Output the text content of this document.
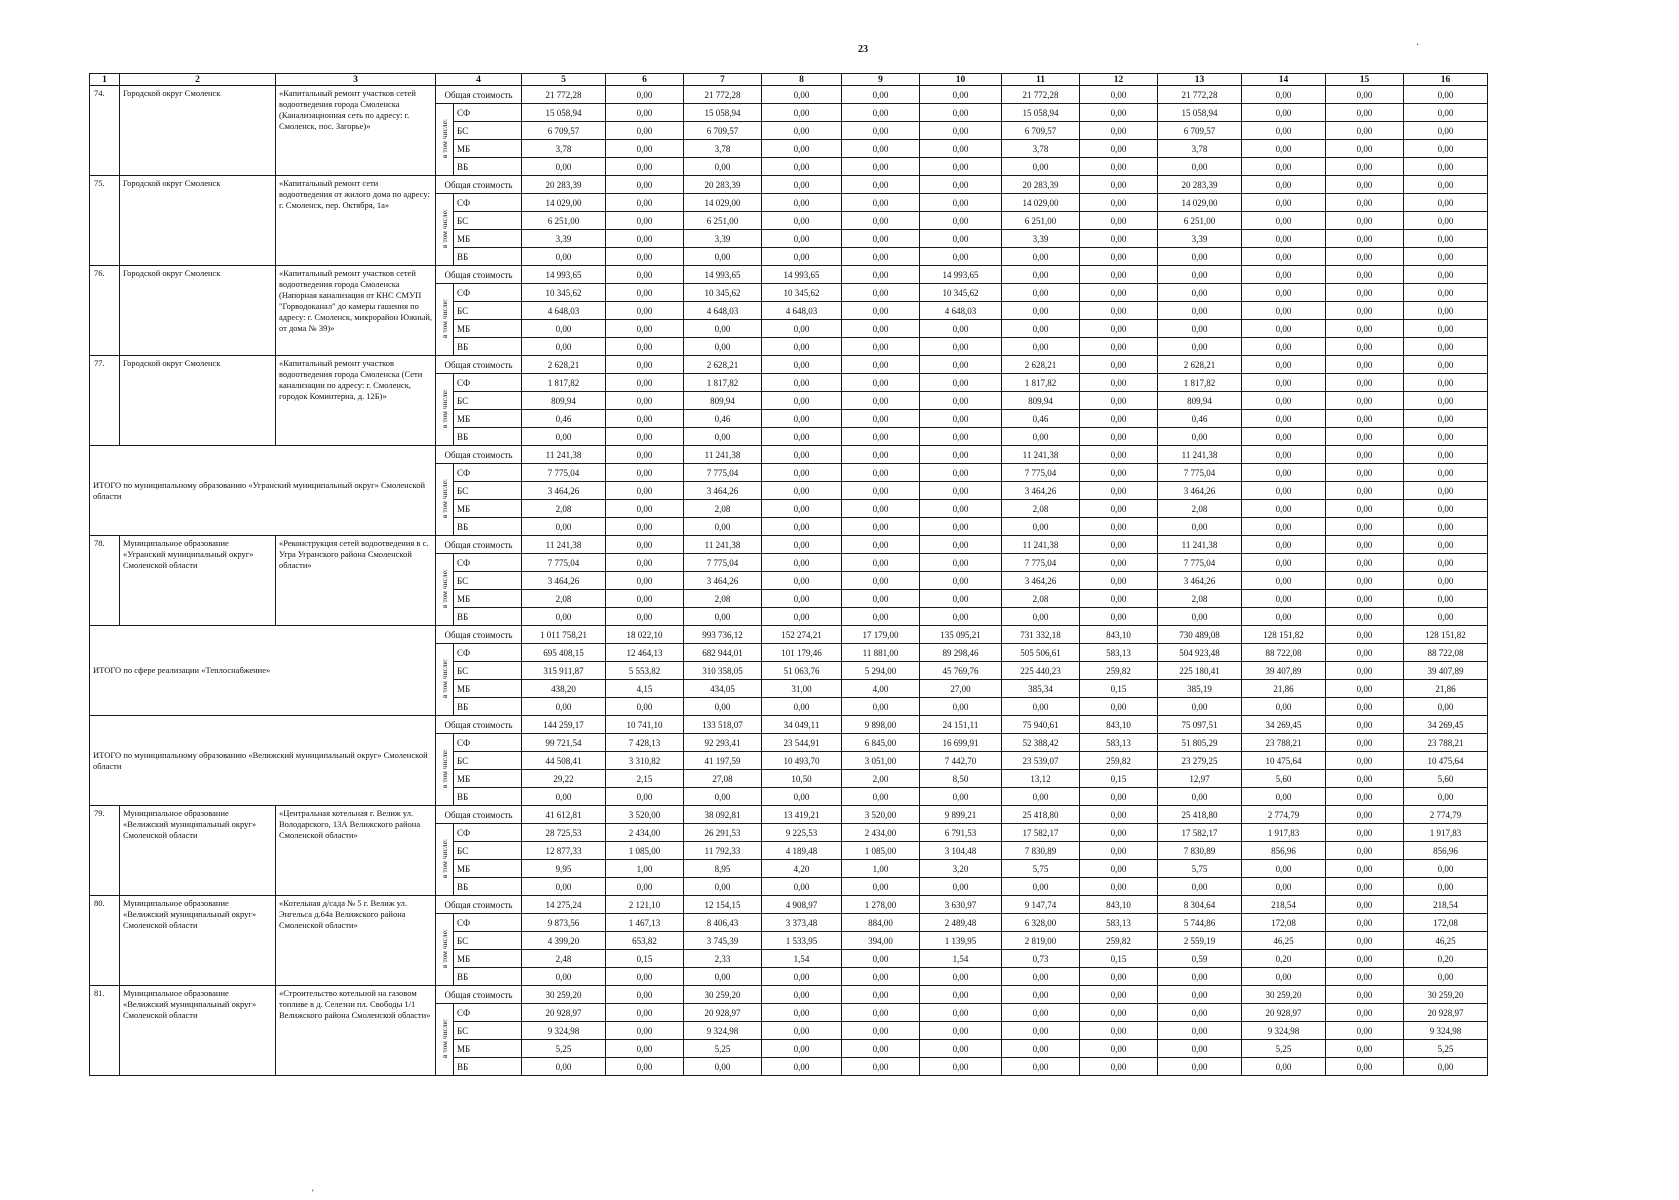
23	·
'
1	2	3	4		5	6	7	8	9	10	11	12	13	14	15	16
74.	Городской округ Смоленск	«Капитальный ремонт участков сетей водоотведения города Смоленска (Канализационная сеть по адресу: г. Смоленск, пос. Загорье)»	Общая стоимость		21 772,28	0,00	21 772,28	0,00	0,00	0,00	21 772,28	0,00	21 772,28	0,00	0,00	0,00
			в том числе:	СФ	15 058,94	0,00	15 058,94	0,00	0,00	0,00	15 058,94	0,00	15 058,94	0,00	0,00	0,00
				БС	6 709,57	0,00	6 709,57	0,00	0,00	0,00	6 709,57	0,00	6 709,57	0,00	0,00	0,00
				МБ	3,78	0,00	3,78	0,00	0,00	0,00	3,78	0,00	3,78	0,00	0,00	0,00
				ВБ	0,00	0,00	0,00	0,00	0,00	0,00	0,00	0,00	0,00	0,00	0,00	0,00
75.	Городской округ Смоленск	«Капитальный ремонт сети водоотведения от жилого дома по адресу: г. Смоленск, пер. Октября, 1а»	Общая стоимость		20 283,39	0,00	20 283,39	0,00	0,00	0,00	20 283,39	0,00	20 283,39	0,00	0,00	0,00
			в том числе:	СФ	14 029,00	0,00	14 029,00	0,00	0,00	0,00	14 029,00	0,00	14 029,00	0,00	0,00	0,00
				БС	6 251,00	0,00	6 251,00	0,00	0,00	0,00	6 251,00	0,00	6 251,00	0,00	0,00	0,00
				МБ	3,39	0,00	3,39	0,00	0,00	0,00	3,39	0,00	3,39	0,00	0,00	0,00
				ВБ	0,00	0,00	0,00	0,00	0,00	0,00	0,00	0,00	0,00	0,00	0,00	0,00
76.	Городской округ Смоленск	«Капитальный ремонт участков сетей водоотведения города Смоленска (Напорная канализация от КНС СМУП "Горводоканал" до камеры гашения по адресу: г. Смоленск, микрорайон Южный, от дома № 39)»	Общая стоимость		14 993,65	0,00	14 993,65	14 993,65	0,00	14 993,65	0,00	0,00	0,00	0,00	0,00	0,00
			в том числе:	СФ	10 345,62	0,00	10 345,62	10 345,62	0,00	10 345,62	0,00	0,00	0,00	0,00	0,00	0,00
				БС	4 648,03	0,00	4 648,03	4 648,03	0,00	4 648,03	0,00	0,00	0,00	0,00	0,00	0,00
				МБ	0,00	0,00	0,00	0,00	0,00	0,00	0,00	0,00	0,00	0,00	0,00	0,00
				ВБ	0,00	0,00	0,00	0,00	0,00	0,00	0,00	0,00	0,00	0,00	0,00	0,00
77.	Городской округ Смоленск	«Капитальный ремонт участков водоотведения города Смоленска (Сети канализации по адресу: г. Смоленск, городок Коминтерна, д. 12Б)»	Общая стоимость		2 628,21	0,00	2 628,21	0,00	0,00	0,00	2 628,21	0,00	2 628,21	0,00	0,00	0,00
			в том числе:	СФ	1 817,82	0,00	1 817,82	0,00	0,00	0,00	1 817,82	0,00	1 817,82	0,00	0,00	0,00
				БС	809,94	0,00	809,94	0,00	0,00	0,00	809,94	0,00	809,94	0,00	0,00	0,00
				МБ	0,46	0,00	0,46	0,00	0,00	0,00	0,46	0,00	0,46	0,00	0,00	0,00
				ВБ	0,00	0,00	0,00	0,00	0,00	0,00	0,00	0,00	0,00	0,00	0,00	0,00
ИТОГО по муниципальному образованию «Угранский муниципальный округ» Смоленской области			Общая стоимость		11 241,38	0,00	11 241,38	0,00	0,00	0,00	11 241,38	0,00	11 241,38	0,00	0,00	0,00
			в том числе:	СФ	7 775,04	0,00	7 775,04	0,00	0,00	0,00	7 775,04	0,00	7 775,04	0,00	0,00	0,00
				БС	3 464,26	0,00	3 464,26	0,00	0,00	0,00	3 464,26	0,00	3 464,26	0,00	0,00	0,00
				МБ	2,08	0,00	2,08	0,00	0,00	0,00	2,08	0,00	2,08	0,00	0,00	0,00
				ВБ	0,00	0,00	0,00	0,00	0,00	0,00	0,00	0,00	0,00	0,00	0,00	0,00
78.	Муниципальное образование «Угранский муниципальный округ» Смоленской области	«Реконструкция сетей водоотведения в с. Угра Угранского района Смоленской области»	Общая стоимость		11 241,38	0,00	11 241,38	0,00	0,00	0,00	11 241,38	0,00	11 241,38	0,00	0,00	0,00
			в том числе:	СФ	7 775,04	0,00	7 775,04	0,00	0,00	0,00	7 775,04	0,00	7 775,04	0,00	0,00	0,00
				БС	3 464,26	0,00	3 464,26	0,00	0,00	0,00	3 464,26	0,00	3 464,26	0,00	0,00	0,00
				МБ	2,08	0,00	2,08	0,00	0,00	0,00	2,08	0,00	2,08	0,00	0,00	0,00
				ВБ	0,00	0,00	0,00	0,00	0,00	0,00	0,00	0,00	0,00	0,00	0,00	0,00
ИТОГО по сфере реализации «Теплоснабжение»			Общая стоимость		1 011 758,21	18 022,10	993 736,12	152 274,21	17 179,00	135 095,21	731 332,18	843,10	730 489,08	128 151,82	0,00	128 151,82
			в том числе:	СФ	695 408,15	12 464,13	682 944,01	101 179,46	11 881,00	89 298,46	505 506,61	583,13	504 923,48	88 722,08	0,00	88 722,08
				БС	315 911,87	5 553,82	310 358,05	51 063,76	5 294,00	45 769,76	225 440,23	259,82	225 180,41	39 407,89	0,00	39 407,89
				МБ	438,20	4,15	434,05	31,00	4,00	27,00	385,34	0,15	385,19	21,86	0,00	21,86
				ВБ	0,00	0,00	0,00	0,00	0,00	0,00	0,00	0,00	0,00	0,00	0,00	0,00
ИТОГО по муниципальному образованию «Велижский муниципальный округ» Смоленской области			Общая стоимость		144 259,17	10 741,10	133 518,07	34 049,11	9 898,00	24 151,11	75 940,61	843,10	75 097,51	34 269,45	0,00	34 269,45
			в том числе:	СФ	99 721,54	7 428,13	92 293,41	23 544,91	6 845,00	16 699,91	52 388,42	583,13	51 805,29	23 788,21	0,00	23 788,21
				БС	44 508,41	3 310,82	41 197,59	10 493,70	3 051,00	7 442,70	23 539,07	259,82	23 279,25	10 475,64	0,00	10 475,64
				МБ	29,22	2,15	27,08	10,50	2,00	8,50	13,12	0,15	12,97	5,60	0,00	5,60
				ВБ	0,00	0,00	0,00	0,00	0,00	0,00	0,00	0,00	0,00	0,00	0,00	0,00
79.	Муниципальное образование «Велижский муниципальный округ» Смоленской области	«Центральная котельная г. Велиж ул. Володарского, 13А Велижского района Смоленской области»	Общая стоимость		41 612,81	3 520,00	38 092,81	13 419,21	3 520,00	9 899,21	25 418,80	0,00	25 418,80	2 774,79	0,00	2 774,79
			в том числе:	СФ	28 725,53	2 434,00	26 291,53	9 225,53	2 434,00	6 791,53	17 582,17	0,00	17 582,17	1 917,83	0,00	1 917,83
				БС	12 877,33	1 085,00	11 792,33	4 189,48	1 085,00	3 104,48	7 830,89	0,00	7 830,89	856,96	0,00	856,96
				МБ	9,95	1,00	8,95	4,20	1,00	3,20	5,75	0,00	5,75	0,00	0,00	0,00
				ВБ	0,00	0,00	0,00	0,00	0,00	0,00	0,00	0,00	0,00	0,00	0,00	0,00
80.	Муниципальное образование «Велижский муниципальный округ» Смоленской области	«Котельная д/сада № 5 г. Велиж ул. Энгельса д.64а Велижского района Смоленской области»	Общая стоимость		14 275,24	2 121,10	12 154,15	4 908,97	1 278,00	3 630,97	9 147,74	843,10	8 304,64	218,54	0,00	218,54
			в том числе:	СФ	9 873,56	1 467,13	8 406,43	3 373,48	884,00	2 489,48	6 328,00	583,13	5 744,86	172,08	0,00	172,08
				БС	4 399,20	653,82	3 745,39	1 533,95	394,00	1 139,95	2 819,00	259,82	2 559,19	46,25	0,00	46,25
				МБ	2,48	0,15	2,33	1,54	0,00	1,54	0,73	0,15	0,59	0,20	0,00	0,20
				ВБ	0,00	0,00	0,00	0,00	0,00	0,00	0,00	0,00	0,00	0,00	0,00	0,00
81.	Муниципальное образование «Велижский муниципальный округ» Смоленской области	«Строительство котельной на газовом топливе в д. Селезни пл. Свободы 1/1 Велижского района Смоленской области»	Общая стоимость		30 259,20	0,00	30 259,20	0,00	0,00	0,00	0,00	0,00	0,00	30 259,20	0,00	30 259,20
			в том числе:	СФ	20 928,97	0,00	20 928,97	0,00	0,00	0,00	0,00	0,00	0,00	20 928,97	0,00	20 928,97
				БС	9 324,98	0,00	9 324,98	0,00	0,00	0,00	0,00	0,00	0,00	9 324,98	0,00	9 324,98
				МБ	5,25	0,00	5,25	0,00	0,00	0,00	0,00	0,00	0,00	5,25	0,00	5,25
				ВБ	0,00	0,00	0,00	0,00	0,00	0,00	0,00	0,00	0,00	0,00	0,00	0,00
